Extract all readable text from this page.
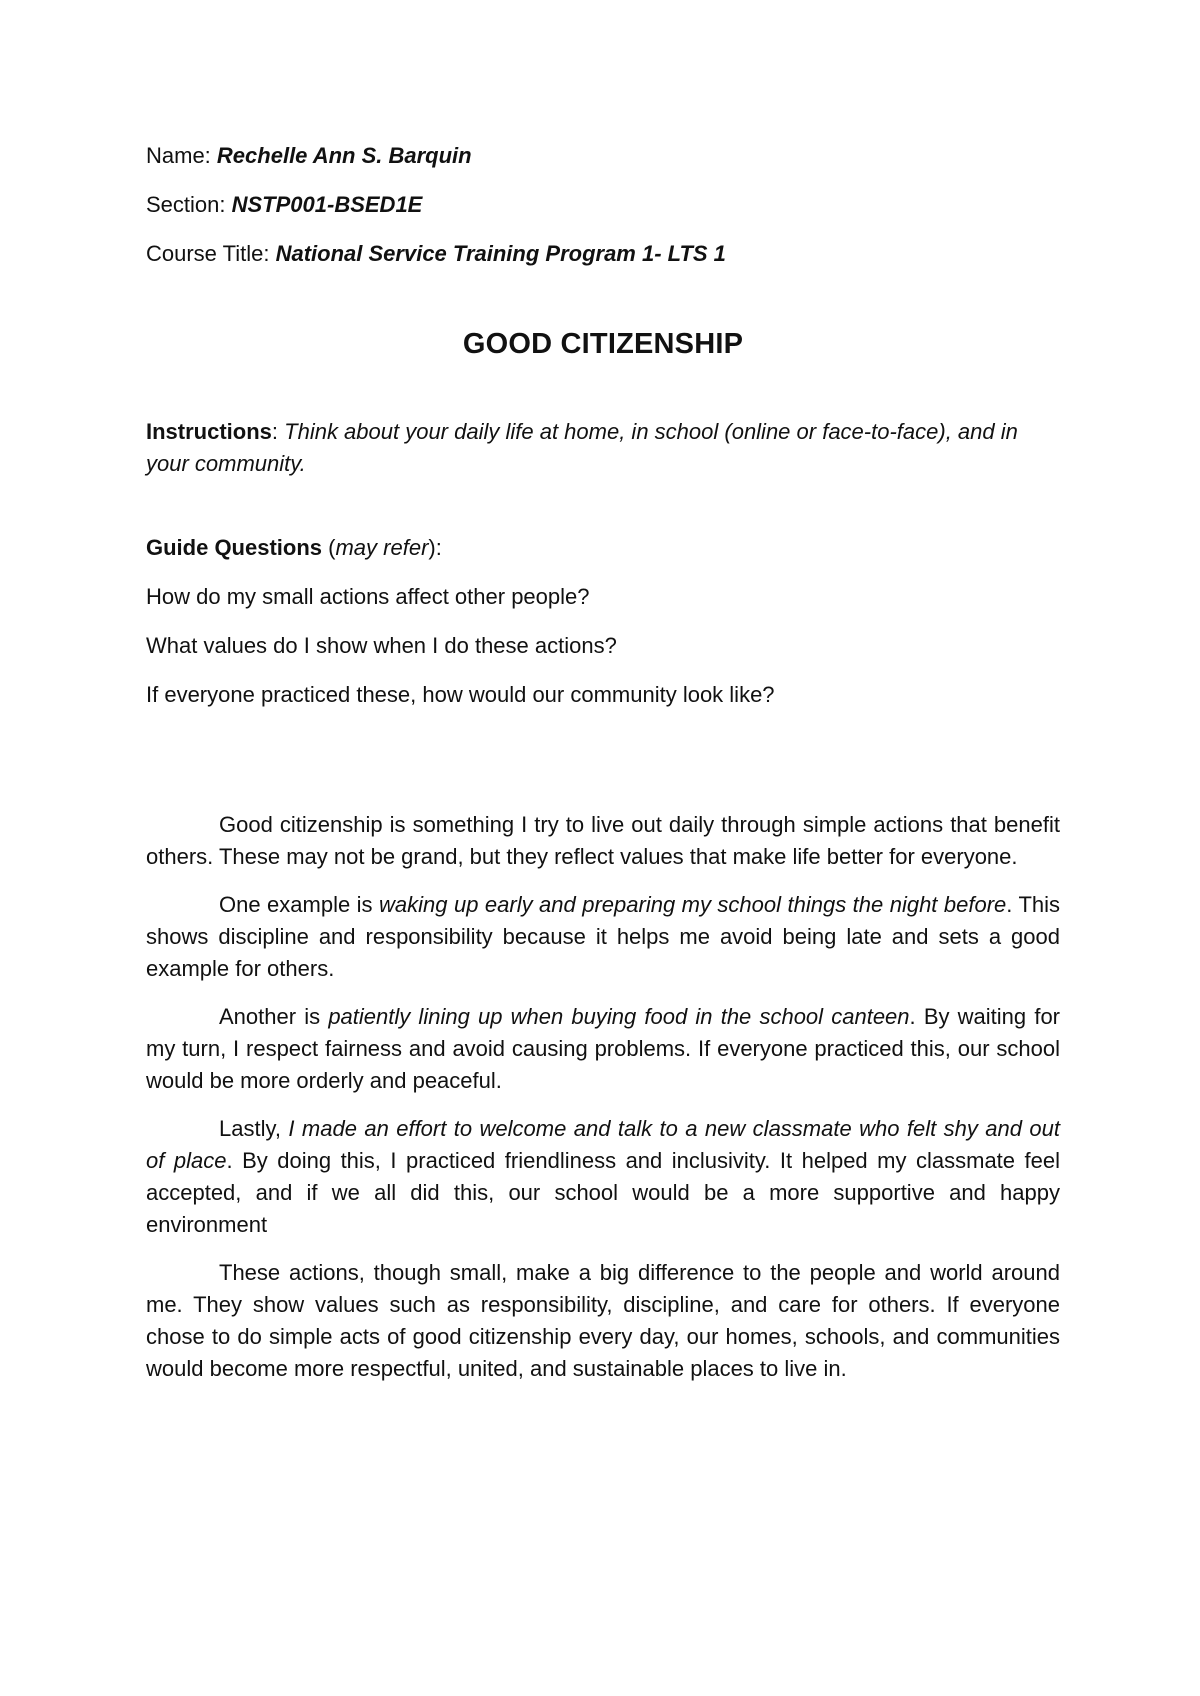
Name: Rechelle Ann S. Barquin
Section: NSTP001-BSED1E
Course Title: National Service Training Program 1- LTS 1
GOOD CITIZENSHIP
Instructions: Think about your daily life at home, in school (online or face-to-face), and in your community.
Guide Questions (may refer):
How do my small actions affect other people?
What values do I show when I do these actions?
If everyone practiced these, how would our community look like?

Good citizenship is something I try to live out daily through simple actions that benefit others. These may not be grand, but they reflect values that make life better for everyone.

One example is waking up early and preparing my school things the night before. This shows discipline and responsibility because it helps me avoid being late and sets a good example for others.

Another is patiently lining up when buying food in the school canteen. By waiting for my turn, I respect fairness and avoid causing problems. If everyone practiced this, our school would be more orderly and peaceful.

Lastly, I made an effort to welcome and talk to a new classmate who felt shy and out of place. By doing this, I practiced friendliness and inclusivity. It helped my classmate feel accepted, and if we all did this, our school would be a more supportive and happy environment

These actions, though small, make a big difference to the people and world around me. They show values such as responsibility, discipline, and care for others. If everyone chose to do simple acts of good citizenship every day, our homes, schools, and communities would become more respectful, united, and sustainable places to live in.
